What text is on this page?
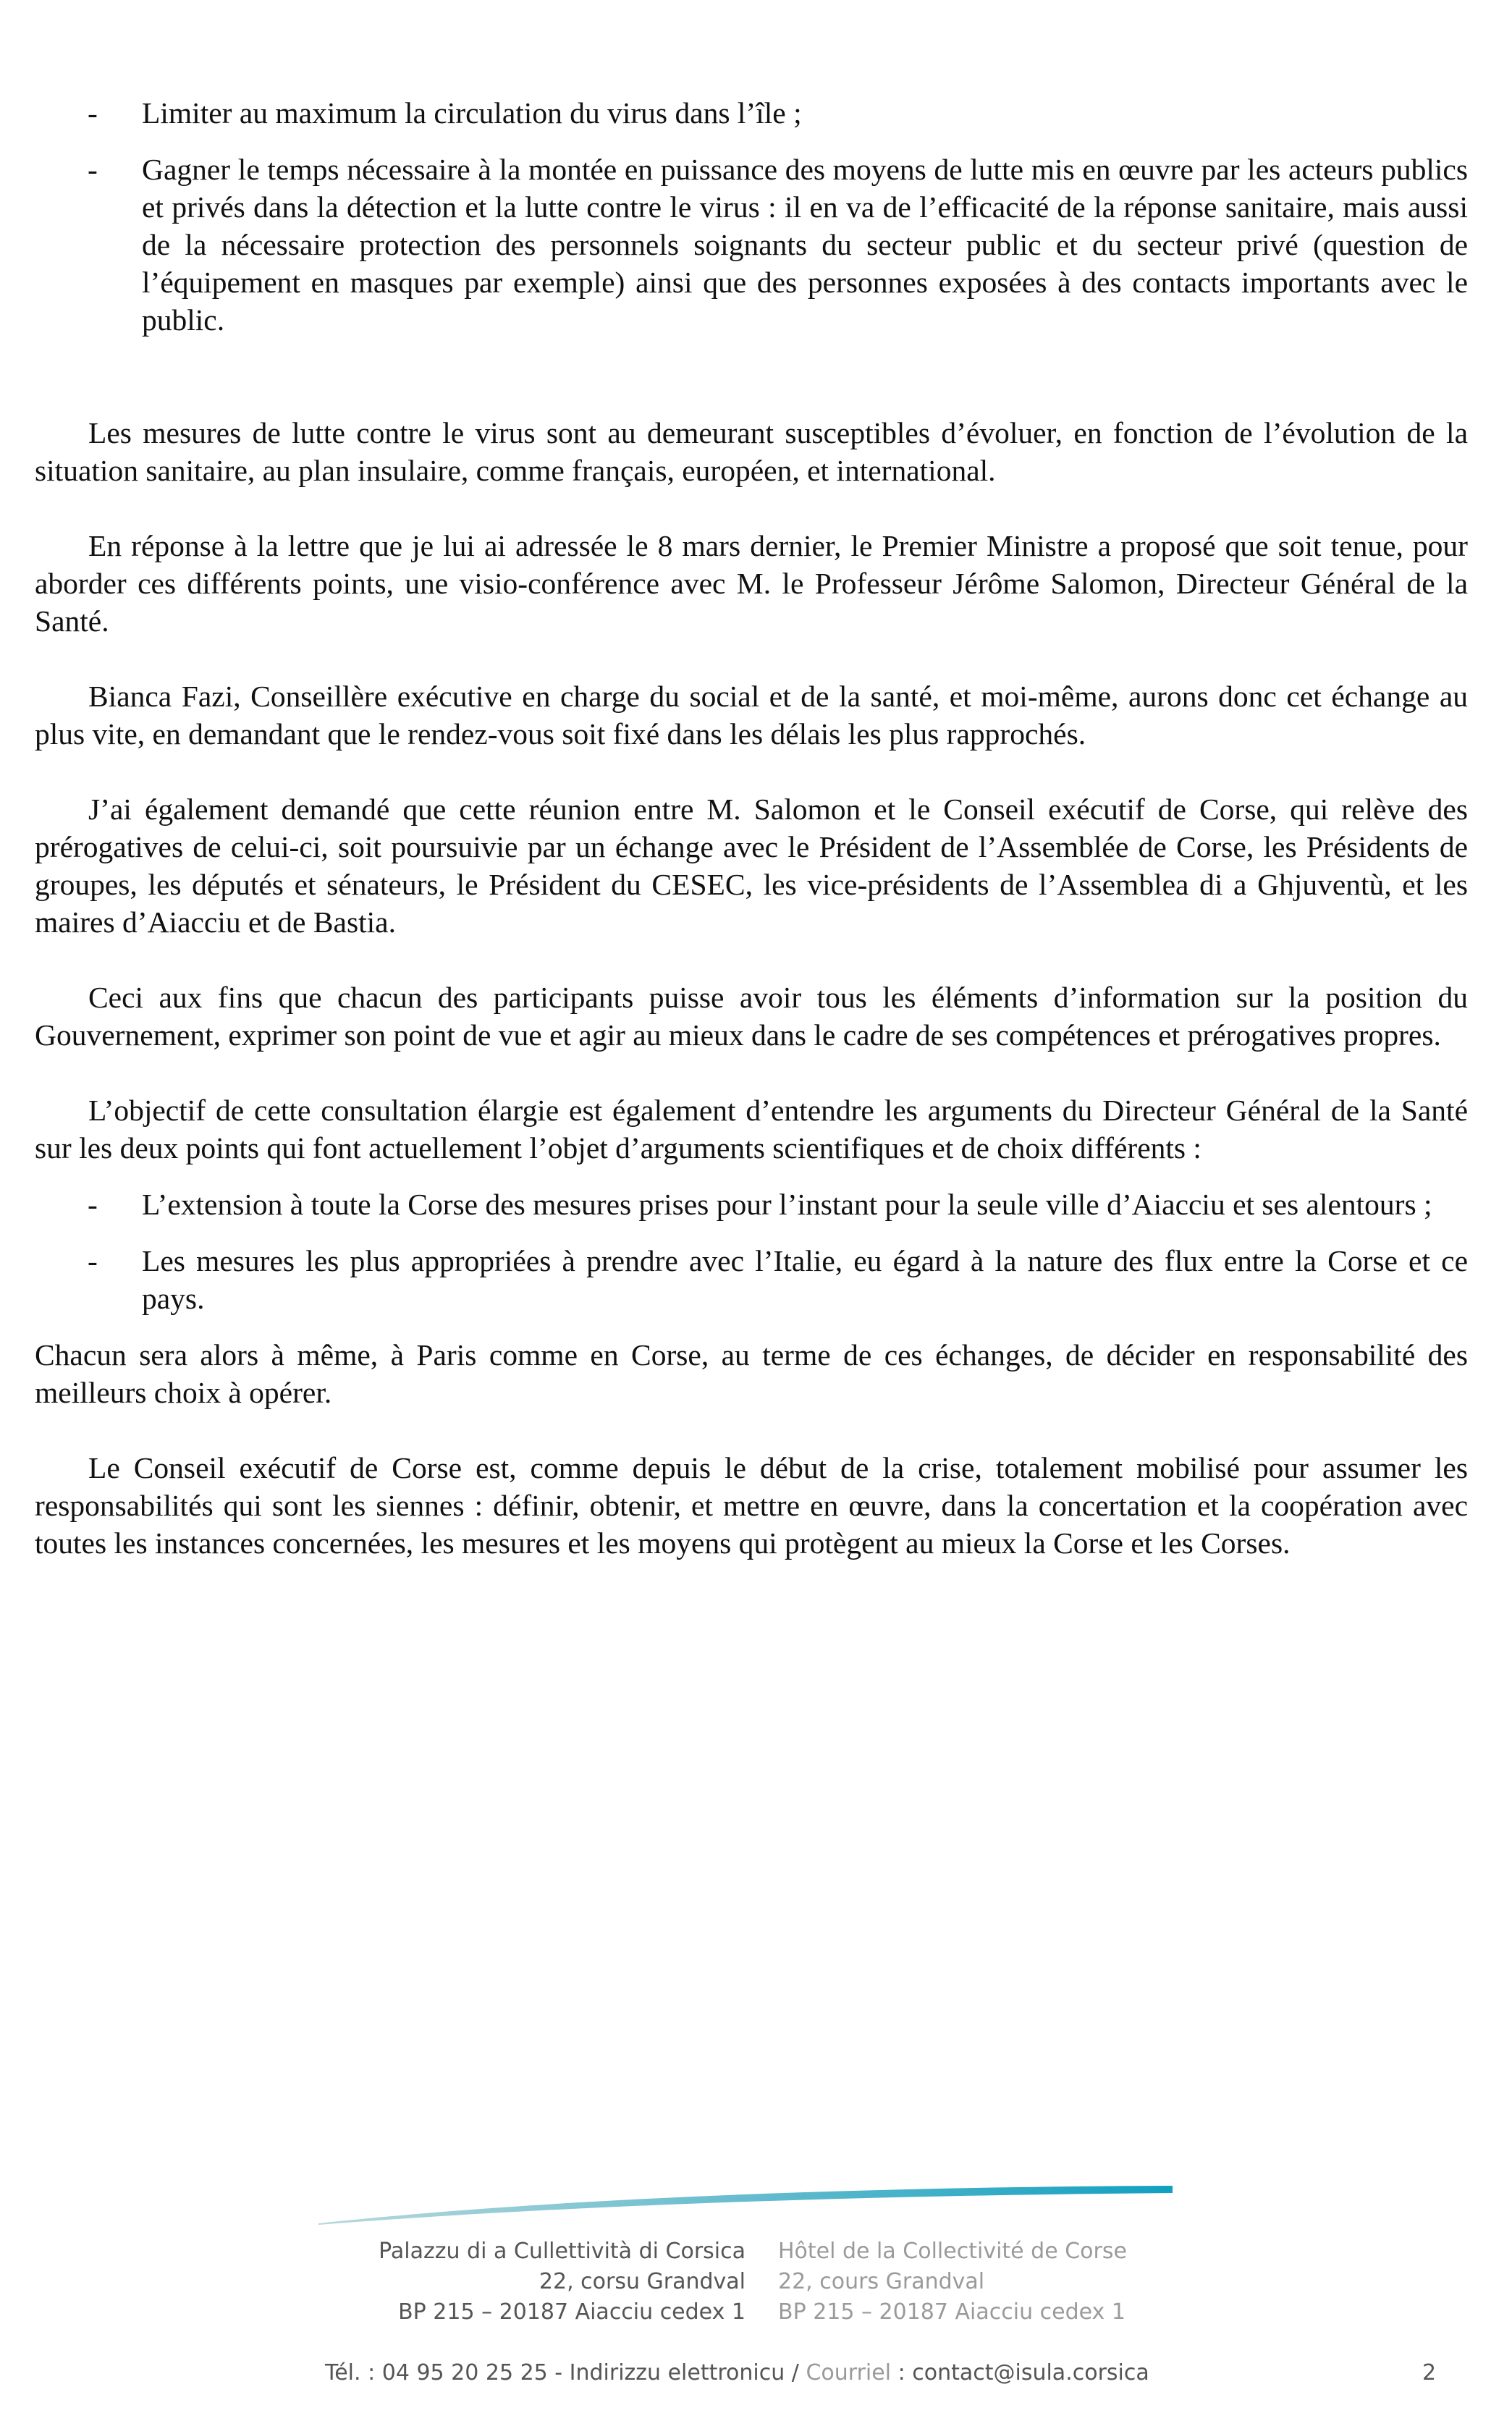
- Limiter au maximum la circulation du virus dans l’île ;
- Gagner le temps nécessaire à la montée en puissance des moyens de lutte mis en œuvre par les acteurs publics et privés dans la détection et la lutte contre le virus : il en va de l’efficacité de la réponse sanitaire, mais aussi de la nécessaire protection des personnels soignants du secteur public et du secteur privé (question de l’équipement en masques par exemple) ainsi que des personnes exposées à des contacts importants avec le public.

Les mesures de lutte contre le virus sont au demeurant susceptibles d’évoluer, en fonction de l’évolution de la situation sanitaire, au plan insulaire, comme français, européen, et international.

En réponse à la lettre que je lui ai adressée le 8 mars dernier, le Premier Ministre a proposé que soit tenue, pour aborder ces différents points, une visio-conférence avec M. le Professeur Jérôme Salomon, Directeur Général de la Santé.

Bianca Fazi, Conseillère exécutive en charge du social et de la santé, et moi-même, aurons donc cet échange au plus vite, en demandant que le rendez-vous soit fixé dans les délais les plus rapprochés.

J’ai également demandé que cette réunion entre M. Salomon et le Conseil exécutif de Corse, qui relève des prérogatives de celui-ci, soit poursuivie par un échange avec le Président de l’Assemblée de Corse, les Présidents de groupes, les députés et sénateurs, le Président du CESEC, les vice-présidents de l’Assemblea di a Ghjuventù, et les maires d’Aiacciu et de Bastia.

Ceci aux fins que chacun des participants puisse avoir tous les éléments d’information sur la position du Gouvernement, exprimer son point de vue et agir au mieux dans le cadre de ses compétences et prérogatives propres.

L’objectif de cette consultation élargie est également d’entendre les arguments du Directeur Général de la Santé sur les deux points qui font actuellement l’objet d’arguments scientifiques et de choix différents :

- L’extension à toute la Corse des mesures prises pour l’instant pour la seule ville d’Aiacciu et ses alentours ;
- Les mesures les plus appropriées à prendre avec l’Italie, eu égard à la nature des flux entre la Corse et ce pays.

Chacun sera alors à même, à Paris comme en Corse, au terme de ces échanges, de décider en responsabilité des meilleurs choix à opérer.

Le Conseil exécutif de Corse est, comme depuis le début de la crise, totalement mobilisé pour assumer les responsabilités qui sont les siennes : définir, obtenir, et mettre en œuvre, dans la concertation et la coopération avec toutes les instances concernées, les mesures et les moyens qui protègent au mieux la Corse et les Corses.

Palazzu di a Cullettività di Corsica
22, corsu Grandval
BP 215 – 20187 Aiacciu cedex 1
Hôtel de la Collectivité de Corse
22, cours Grandval
BP 215 – 20187 Aiacciu cedex 1
Tél. : 04 95 20 25 25 - Indirizzu elettronicu / Courriel : contact@isula.corsica	2
